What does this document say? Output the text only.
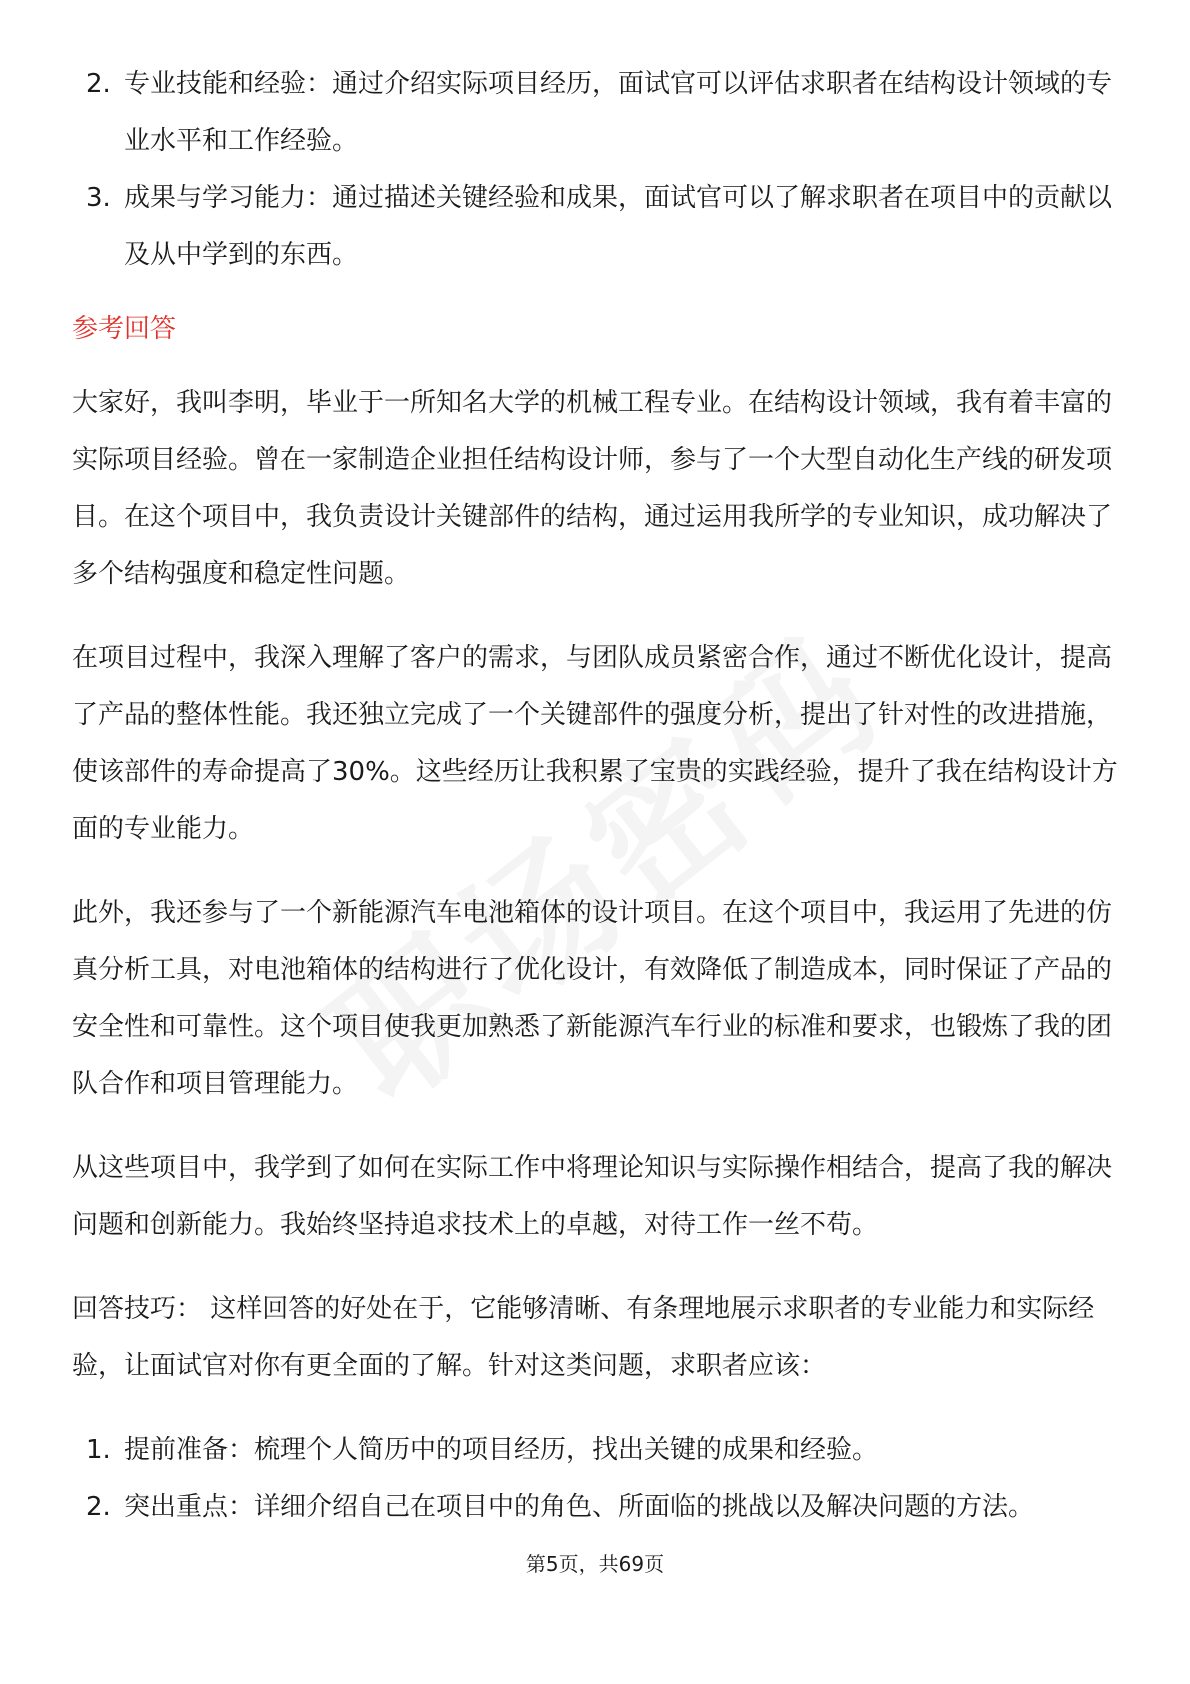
2. 专业技能和经验：通过介绍实际项目经历，面试官可以评估求职者在结构设计领域的专业水平和工作经验。
3. 成果与学习能力：通过描述关键经验和成果，面试官可以了解求职者在项目中的贡献以及从中学到的东西。
参考回答

大家好，我叫李明，毕业于一所知名大学的机械工程专业。在结构设计领域，我有着丰富的实际项目经验。曾在一家制造企业担任结构设计师，参与了一个大型自动化生产线的研发项目。在这个项目中，我负责设计关键部件的结构，通过运用我所学的专业知识，成功解决了多个结构强度和稳定性问题。

在项目过程中，我深入理解了客户的需求，与团队成员紧密合作，通过不断优化设计，提高了产品的整体性能。我还独立完成了一个关键部件的强度分析，提出了针对性的改进措施，使该部件的寿命提高了30%。这些经历让我积累了宝贵的实践经验，提升了我在结构设计方面的专业能力。

此外，我还参与了一个新能源汽车电池箱体的设计项目。在这个项目中，我运用了先进的仿真分析工具，对电池箱体的结构进行了优化设计，有效降低了制造成本，同时保证了产品的安全性和可靠性。这个项目使我更加熟悉了新能源汽车行业的标准和要求，也锻炼了我的团队合作和项目管理能力。

从这些项目中，我学到了如何在实际工作中将理论知识与实际操作相结合，提高了我的解决问题和创新能力。我始终坚持追求技术上的卓越，对待工作一丝不苟。

回答技巧： 这样回答的好处在于，它能够清晰、有条理地展示求职者的专业能力和实际经验，让面试官对你有更全面的了解。针对这类问题，求职者应该：

1. 提前准备：梳理个人简历中的项目经历，找出关键的成果和经验。
2. 突出重点：详细介绍自己在项目中的角色、所面临的挑战以及解决问题的方法。
第5页，共69页
